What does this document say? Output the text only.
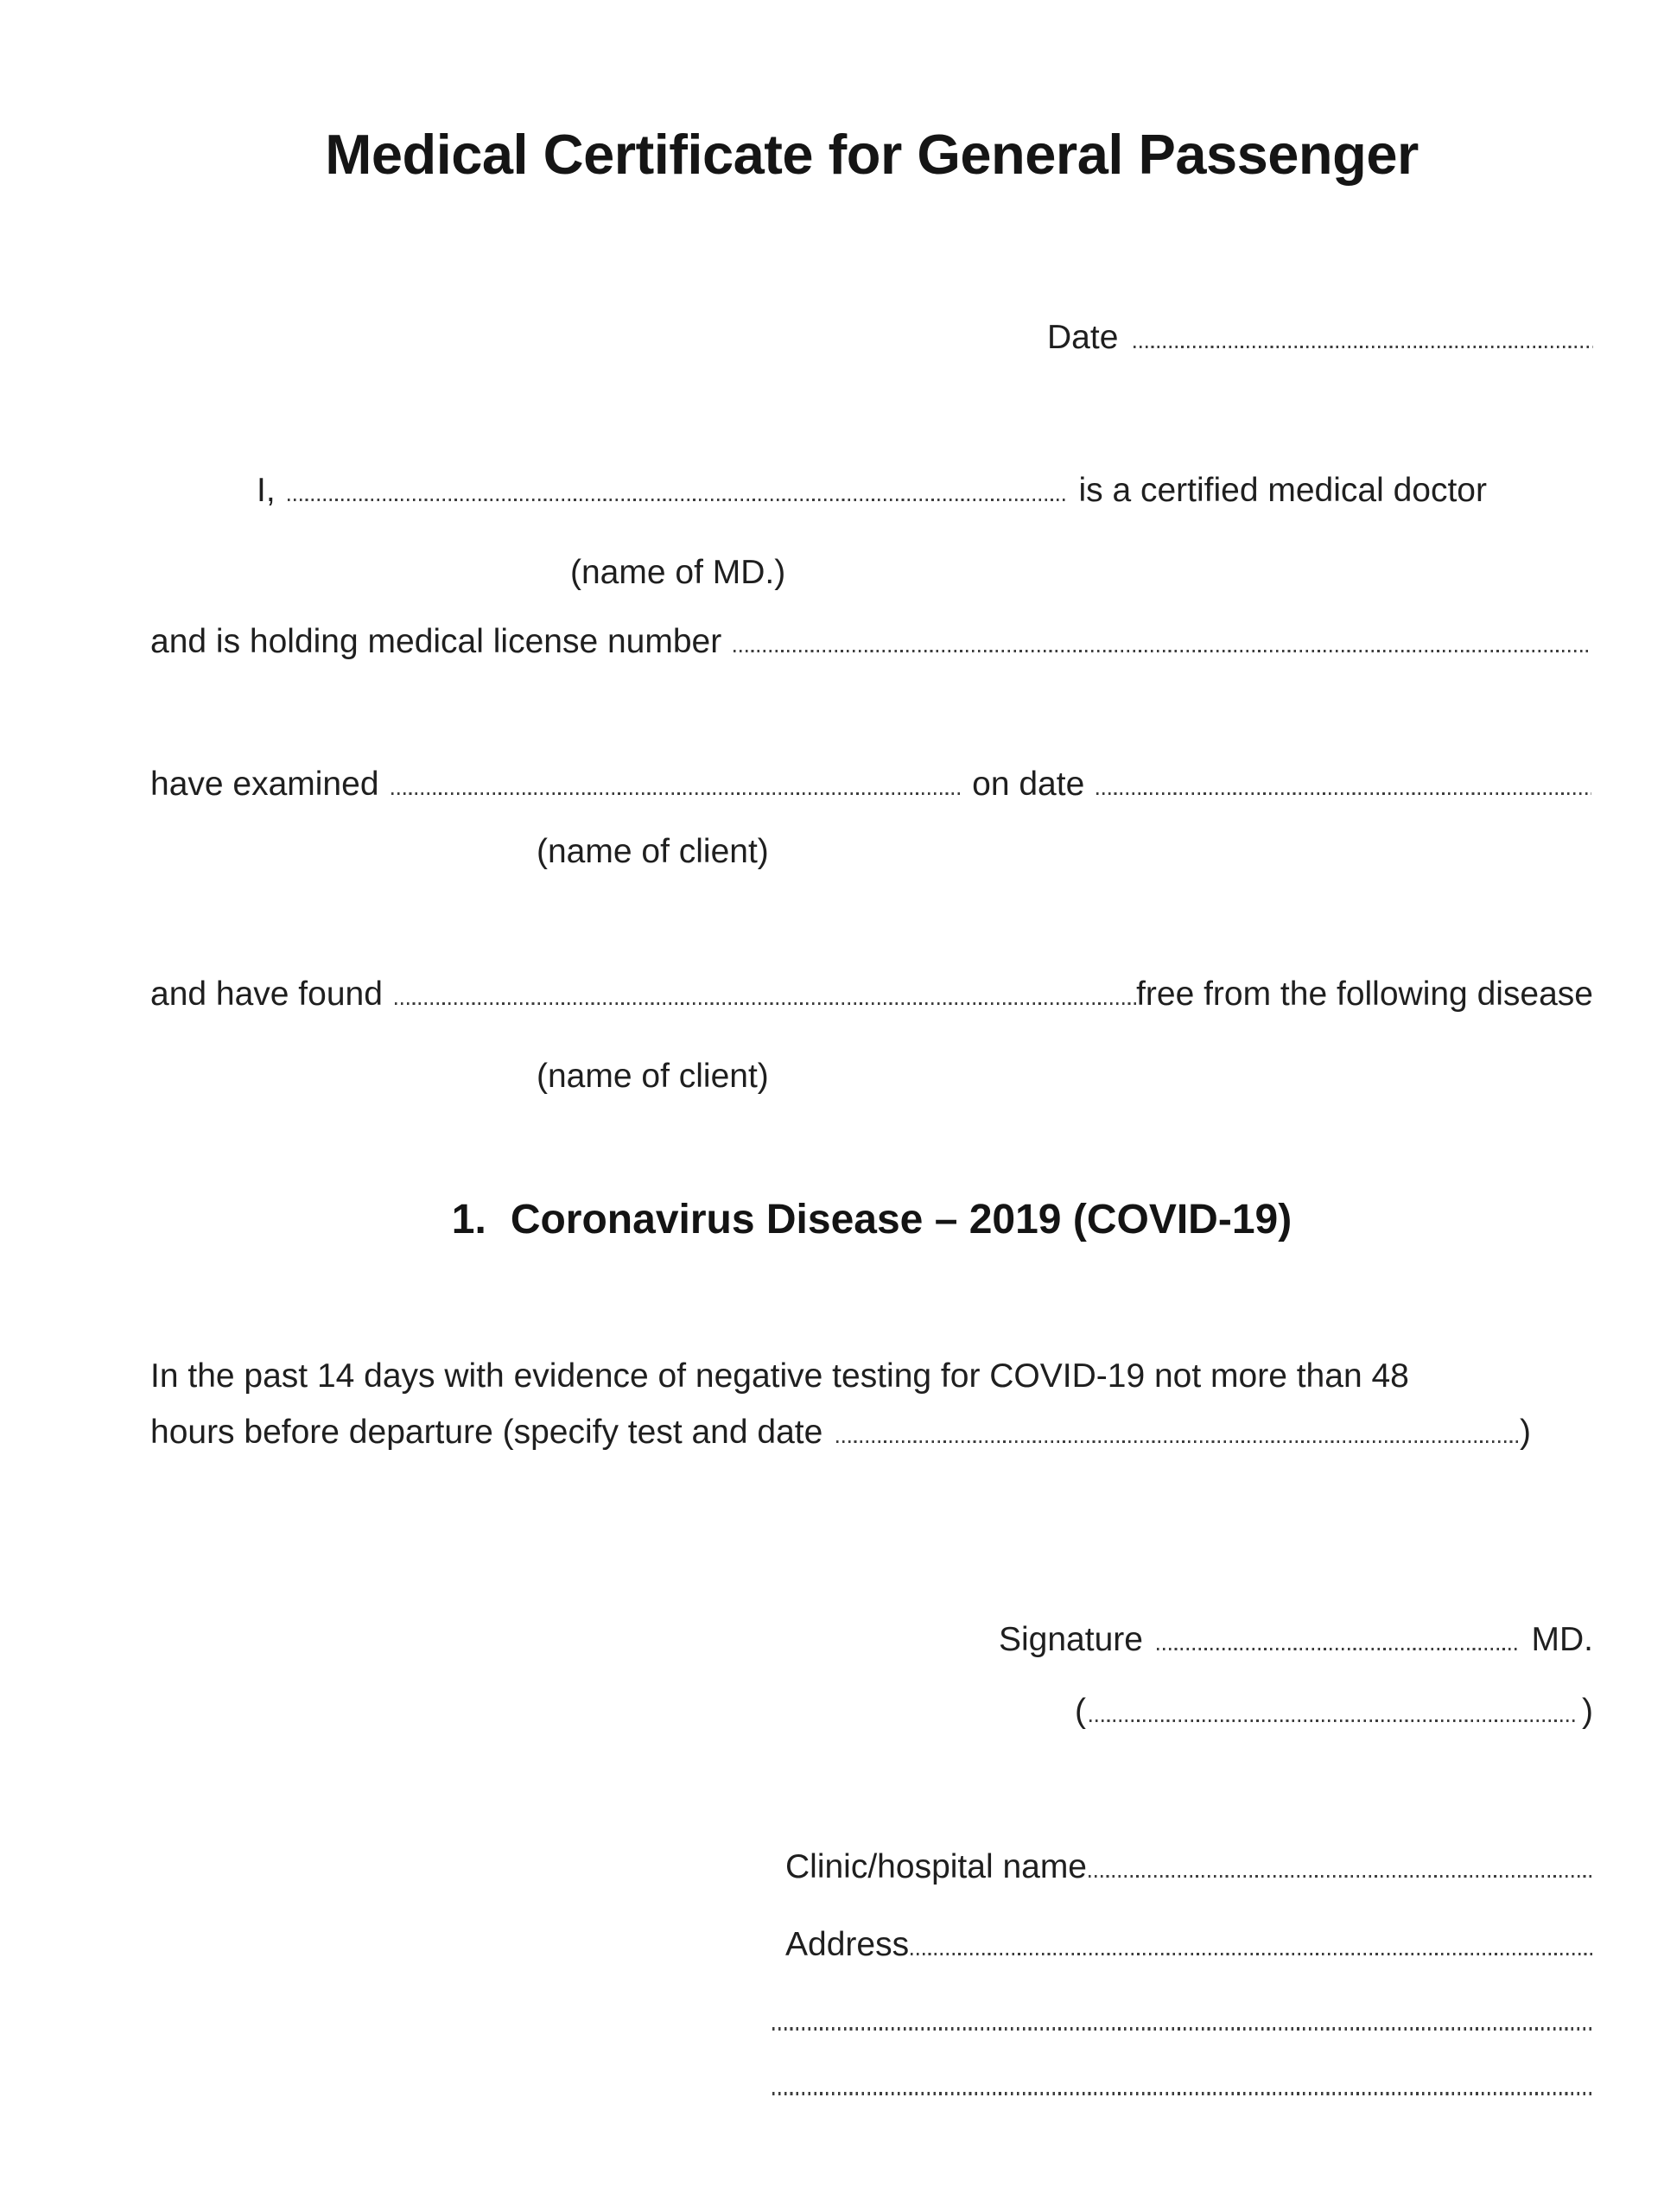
Medical Certificate for General Passenger
Date
I,	is a certified medical doctor
(name of MD.)
and is holding medical license number
have examined	on date
(name of client)
and have found	free from the following disease
(name of client)
1. Coronavirus Disease – 2019 (COVID-19)
In the past 14 days with evidence of negative testing for COVID-19 not more than 48
hours before departure (specify test and date	)
Signature	MD.
(	)
Clinic/hospital name
Address
